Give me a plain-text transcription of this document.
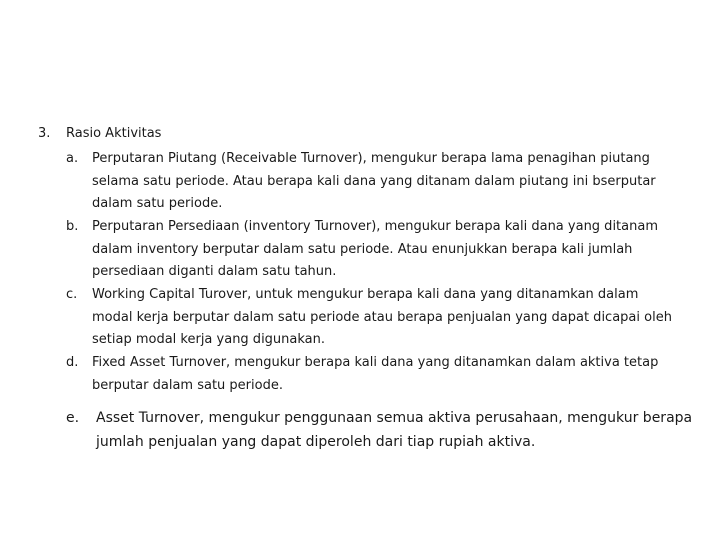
3. Rasio Aktivitas
a. Perputaran Piutang (Receivable Turnover), mengukur berapa lama penagihan piutang
selama satu periode. Atau berapa kali dana yang ditanam dalam piutang ini bserputar
dalam satu periode.
b. Perputaran Persediaan (inventory Turnover), mengukur berapa kali dana yang ditanam
dalam inventory berputar dalam satu periode. Atau enunjukkan berapa kali jumlah
persediaan diganti dalam satu tahun.
c. Working Capital Turover, untuk mengukur berapa kali dana yang ditanamkan dalam
modal kerja berputar dalam satu periode atau berapa penjualan yang dapat dicapai oleh
setiap modal kerja yang digunakan.
d. Fixed Asset Turnover, mengukur berapa kali dana yang ditanamkan dalam aktiva tetap
berputar dalam satu periode.
e. Asset Turnover, mengukur penggunaan semua aktiva perusahaan, mengukur berapa
jumlah penjualan yang dapat diperoleh dari tiap rupiah aktiva.
